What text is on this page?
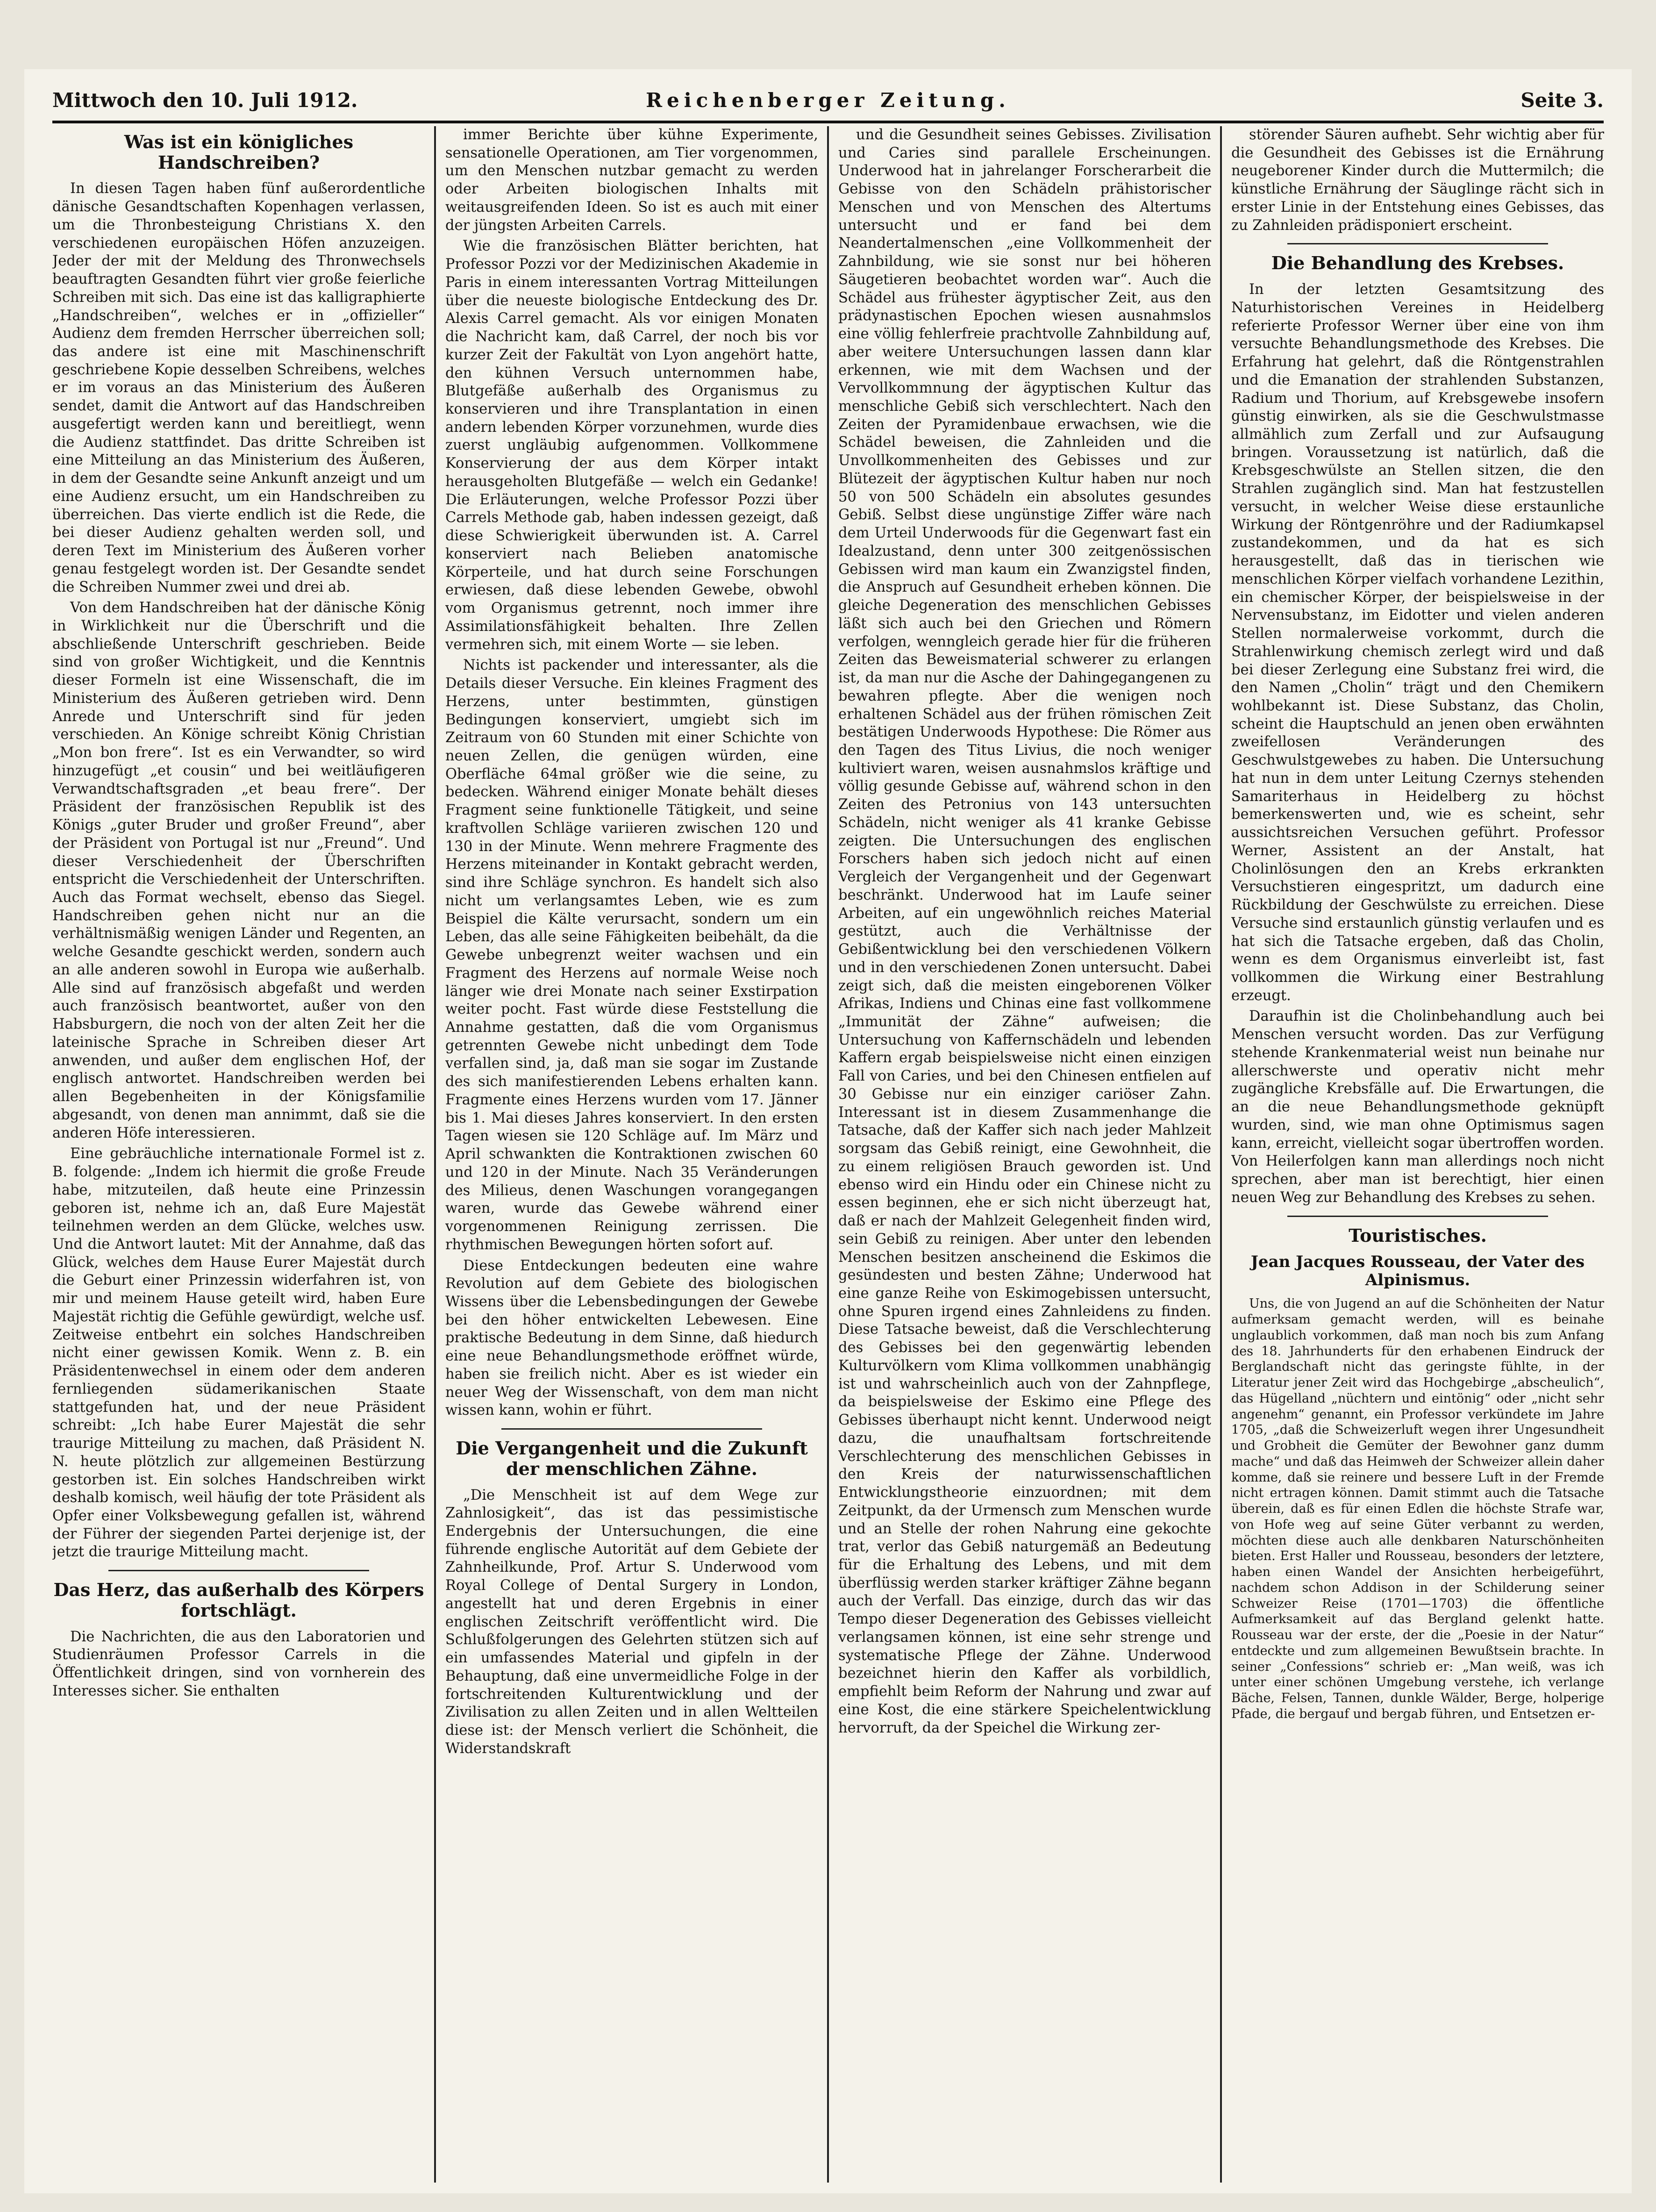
Mittwoch den 10. Juli 1912.	Reichenberger Zeitung.	Seite 3.
Was ist ein königliches Handschreiben?

In diesen Tagen haben fünf außerordentliche dänische Gesandtschaften Kopenhagen verlassen, um die Thronbesteigung Christians X. den verschiedenen europäischen Höfen anzuzeigen. Jeder der mit der Meldung des Thronwechsels beauftragten Gesandten führt vier große feierliche Schreiben mit sich. Das eine ist das kalligraphierte „Handschreiben“, welches er in „offizieller“ Audienz dem fremden Herrscher überreichen soll; das andere ist eine mit Maschinenschrift geschriebene Kopie desselben Schreibens, welches er im voraus an das Ministerium des Äußeren sendet, damit die Antwort auf das Handschreiben ausgefertigt werden kann und bereitliegt, wenn die Audienz stattfindet. Das dritte Schreiben ist eine Mitteilung an das Ministerium des Äußeren, in dem der Gesandte seine Ankunft anzeigt und um eine Audienz ersucht, um ein Handschreiben zu überreichen. Das vierte endlich ist die Rede, die bei dieser Audienz gehalten werden soll, und deren Text im Ministerium des Äußeren vorher genau festgelegt worden ist. Der Gesandte sendet die Schreiben Nummer zwei und drei ab.

Von dem Handschreiben hat der dänische König in Wirklichkeit nur die Überschrift und die abschließende Unterschrift geschrieben. Beide sind von großer Wichtigkeit, und die Kenntnis dieser Formeln ist eine Wissenschaft, die im Ministerium des Äußeren getrieben wird. Denn Anrede und Unterschrift sind für jeden verschieden. An Könige schreibt König Christian „Mon bon frere“. Ist es ein Verwandter, so wird hinzugefügt „et cousin“ und bei weitläufigeren Verwandtschaftsgraden „et beau frere“. Der Präsident der französischen Republik ist des Königs „guter Bruder und großer Freund“, aber der Präsident von Portugal ist nur „Freund“. Und dieser Verschiedenheit der Überschriften entspricht die Verschiedenheit der Unterschriften. Auch das Format wechselt, ebenso das Siegel. Handschreiben gehen nicht nur an die verhältnismäßig wenigen Länder und Regenten, an welche Gesandte geschickt werden, sondern auch an alle anderen sowohl in Europa wie außerhalb. Alle sind auf französisch abgefaßt und werden auch französisch beantwortet, außer von den Habsburgern, die noch von der alten Zeit her die lateinische Sprache in Schreiben dieser Art anwenden, und außer dem englischen Hof, der englisch antwortet. Handschreiben werden bei allen Begebenheiten in der Königsfamilie abgesandt, von denen man annimmt, daß sie die anderen Höfe interessieren.

Eine gebräuchliche internationale Formel ist z. B. folgende: „Indem ich hiermit die große Freude habe, mitzuteilen, daß heute eine Prinzessin geboren ist, nehme ich an, daß Eure Majestät teilnehmen werden an dem Glücke, welches usw. Und die Antwort lautet: Mit der Annahme, daß das Glück, welches dem Hause Eurer Majestät durch die Geburt einer Prinzessin widerfahren ist, von mir und meinem Hause geteilt wird, haben Eure Majestät richtig die Gefühle gewürdigt, welche usf. Zeitweise entbehrt ein solches Handschreiben nicht einer gewissen Komik. Wenn z. B. ein Präsidentenwechsel in einem oder dem anderen fernliegenden südamerikanischen Staate stattgefunden hat, und der neue Präsident schreibt: „Ich habe Eurer Majestät die sehr traurige Mitteilung zu machen, daß Präsident N. N. heute plötzlich zur allgemeinen Bestürzung gestorben ist. Ein solches Handschreiben wirkt deshalb komisch, weil häufig der tote Präsident als Opfer einer Volksbewegung gefallen ist, während der Führer der siegenden Partei derjenige ist, der jetzt die traurige Mitteilung macht.

Das Herz, das außerhalb des Körpers fortschlägt.

Die Nachrichten, die aus den Laboratorien und Studienräumen Professor Carrels in die Öffentlichkeit dringen, sind von vornherein des Interesses sicher. Sie enthalten

immer Berichte über kühne Experimente, sensationelle Operationen, am Tier vorgenommen, um den Menschen nutzbar gemacht zu werden oder Arbeiten biologischen Inhalts mit weitausgreifenden Ideen. So ist es auch mit einer der jüngsten Arbeiten Carrels.

Wie die französischen Blätter berichten, hat Professor Pozzi vor der Medizinischen Akademie in Paris in einem interessanten Vortrag Mitteilungen über die neueste biologische Entdeckung des Dr. Alexis Carrel gemacht. Als vor einigen Monaten die Nachricht kam, daß Carrel, der noch bis vor kurzer Zeit der Fakultät von Lyon angehört hatte, den kühnen Versuch unternommen habe, Blutgefäße außerhalb des Organismus zu konservieren und ihre Transplantation in einen andern lebenden Körper vorzunehmen, wurde dies zuerst ungläubig aufgenommen. Vollkommene Konservierung der aus dem Körper intakt herausgeholten Blutgefäße — welch ein Gedanke! Die Erläuterungen, welche Professor Pozzi über Carrels Methode gab, haben indessen gezeigt, daß diese Schwierigkeit überwunden ist. A. Carrel konserviert nach Belieben anatomische Körperteile, und hat durch seine Forschungen erwiesen, daß diese lebenden Gewebe, obwohl vom Organismus getrennt, noch immer ihre Assimilationsfähigkeit behalten. Ihre Zellen vermehren sich, mit einem Worte — sie leben.

Nichts ist packender und interessanter, als die Details dieser Versuche. Ein kleines Fragment des Herzens, unter bestimmten, günstigen Bedingungen konserviert, umgiebt sich im Zeitraum von 60 Stunden mit einer Schichte von neuen Zellen, die genügen würden, eine Oberfläche 64mal größer wie die seine, zu bedecken. Während einiger Monate behält dieses Fragment seine funktionelle Tätigkeit, und seine kraftvollen Schläge variieren zwischen 120 und 130 in der Minute. Wenn mehrere Fragmente des Herzens miteinander in Kontakt gebracht werden, sind ihre Schläge synchron. Es handelt sich also nicht um verlangsamtes Leben, wie es zum Beispiel die Kälte verursacht, sondern um ein Leben, das alle seine Fähigkeiten beibehält, da die Gewebe unbegrenzt weiter wachsen und ein Fragment des Herzens auf normale Weise noch länger wie drei Monate nach seiner Exstirpation weiter pocht. Fast würde diese Feststellung die Annahme gestatten, daß die vom Organismus getrennten Gewebe nicht unbedingt dem Tode verfallen sind, ja, daß man sie sogar im Zustande des sich manifestierenden Lebens erhalten kann. Fragmente eines Herzens wurden vom 17. Jänner bis 1. Mai dieses Jahres konserviert. In den ersten Tagen wiesen sie 120 Schläge auf. Im März und April schwankten die Kontraktionen zwischen 60 und 120 in der Minute. Nach 35 Veränderungen des Milieus, denen Waschungen vorangegangen waren, wurde das Gewebe während einer vorgenommenen Reinigung zerrissen. Die rhythmischen Bewegungen hörten sofort auf.

Diese Entdeckungen bedeuten eine wahre Revolution auf dem Gebiete des biologischen Wissens über die Lebensbedingungen der Gewebe bei den höher entwickelten Lebewesen. Eine praktische Bedeutung in dem Sinne, daß hiedurch eine neue Behandlungsmethode eröffnet würde, haben sie freilich nicht. Aber es ist wieder ein neuer Weg der Wissenschaft, von dem man nicht wissen kann, wohin er führt.

Die Vergangenheit und die Zukunft der menschlichen Zähne.

„Die Menschheit ist auf dem Wege zur Zahnlosigkeit“, das ist das pessimistische Endergebnis der Untersuchungen, die eine führende englische Autorität auf dem Gebiete der Zahnheilkunde, Prof. Artur S. Underwood vom Royal College of Dental Surgery in London, angestellt hat und deren Ergebnis in einer englischen Zeitschrift veröffentlicht wird. Die Schlußfolgerungen des Gelehrten stützen sich auf ein umfassendes Material und gipfeln in der Behauptung, daß eine unvermeidliche Folge in der fortschreitenden Kulturentwicklung und der Zivilisation zu allen Zeiten und in allen Weltteilen diese ist: der Mensch verliert die Schönheit, die Widerstandskraft

und die Gesundheit seines Gebisses. Zivilisation und Caries sind parallele Erscheinungen. Underwood hat in jahrelanger Forscherarbeit die Gebisse von den Schädeln prähistorischer Menschen und von Menschen des Altertums untersucht und er fand bei dem Neandertalmenschen „eine Vollkommenheit der Zahnbildung, wie sie sonst nur bei höheren Säugetieren beobachtet worden war“. Auch die Schädel aus frühester ägyptischer Zeit, aus den prädynastischen Epochen wiesen ausnahmslos eine völlig fehlerfreie prachtvolle Zahnbildung auf, aber weitere Untersuchungen lassen dann klar erkennen, wie mit dem Wachsen und der Vervollkommnung der ägyptischen Kultur das menschliche Gebiß sich verschlechtert. Nach den Zeiten der Pyramidenbaue erwachsen, wie die Schädel beweisen, die Zahnleiden und die Unvollkommenheiten des Gebisses und zur Blütezeit der ägyptischen Kultur haben nur noch 50 von 500 Schädeln ein absolutes gesundes Gebiß. Selbst diese ungünstige Ziffer wäre nach dem Urteil Underwoods für die Gegenwart fast ein Idealzustand, denn unter 300 zeitgenössischen Gebissen wird man kaum ein Zwanzigstel finden, die Anspruch auf Gesundheit erheben können. Die gleiche Degeneration des menschlichen Gebisses läßt sich auch bei den Griechen und Römern verfolgen, wenngleich gerade hier für die früheren Zeiten das Beweismaterial schwerer zu erlangen ist, da man nur die Asche der Dahingegangenen zu bewahren pflegte. Aber die wenigen noch erhaltenen Schädel aus der frühen römischen Zeit bestätigen Underwoods Hypothese: Die Römer aus den Tagen des Titus Livius, die noch weniger kultiviert waren, weisen ausnahmslos kräftige und völlig gesunde Gebisse auf, während schon in den Zeiten des Petronius von 143 untersuchten Schädeln, nicht weniger als 41 kranke Gebisse zeigten. Die Untersuchungen des englischen Forschers haben sich jedoch nicht auf einen Vergleich der Vergangenheit und der Gegenwart beschränkt. Underwood hat im Laufe seiner Arbeiten, auf ein ungewöhnlich reiches Material gestützt, auch die Verhältnisse der Gebißentwicklung bei den verschiedenen Völkern und in den verschiedenen Zonen untersucht. Dabei zeigt sich, daß die meisten eingeborenen Völker Afrikas, Indiens und Chinas eine fast vollkommene „Immunität der Zähne“ aufweisen; die Untersuchung von Kaffernschädeln und lebenden Kaffern ergab beispielsweise nicht einen einzigen Fall von Caries, und bei den Chinesen entfielen auf 30 Gebisse nur ein einziger cariöser Zahn. Interessant ist in diesem Zusammenhange die Tatsache, daß der Kaffer sich nach jeder Mahlzeit sorgsam das Gebiß reinigt, eine Gewohnheit, die zu einem religiösen Brauch geworden ist. Und ebenso wird ein Hindu oder ein Chinese nicht zu essen beginnen, ehe er sich nicht überzeugt hat, daß er nach der Mahlzeit Gelegenheit finden wird, sein Gebiß zu reinigen. Aber unter den lebenden Menschen besitzen anscheinend die Eskimos die gesündesten und besten Zähne; Underwood hat eine ganze Reihe von Eskimogebissen untersucht, ohne Spuren irgend eines Zahnleidens zu finden. Diese Tatsache beweist, daß die Verschlechterung des Gebisses bei den gegenwärtig lebenden Kulturvölkern vom Klima vollkommen unabhängig ist und wahrscheinlich auch von der Zahnpflege, da beispielsweise der Eskimo eine Pflege des Gebisses überhaupt nicht kennt. Underwood neigt dazu, die unaufhaltsam fortschreitende Verschlechterung des menschlichen Gebisses in den Kreis der naturwissenschaftlichen Entwicklungstheorie einzuordnen; mit dem Zeitpunkt, da der Urmensch zum Menschen wurde und an Stelle der rohen Nahrung eine gekochte trat, verlor das Gebiß naturgemäß an Bedeutung für die Erhaltung des Lebens, und mit dem überflüssig werden starker kräftiger Zähne begann auch der Verfall. Das einzige, durch das wir das Tempo dieser Degeneration des Gebisses vielleicht verlangsamen können, ist eine sehr strenge und systematische Pflege der Zähne. Underwood bezeichnet hierin den Kaffer als vorbildlich, empfiehlt beim Reform der Nahrung und zwar auf eine Kost, die eine stärkere Speichelentwicklung hervorruft, da der Speichel die Wirkung zer-

störender Säuren aufhebt. Sehr wichtig aber für die Gesundheit des Gebisses ist die Ernährung neugeborener Kinder durch die Muttermilch; die künstliche Ernährung der Säuglinge rächt sich in erster Linie in der Entstehung eines Gebisses, das zu Zahnleiden prädisponiert erscheint.

Die Behandlung des Krebses.

In der letzten Gesamtsitzung des Naturhistorischen Vereines in Heidelberg referierte Professor Werner über eine von ihm versuchte Behandlungsmethode des Krebses. Die Erfahrung hat gelehrt, daß die Röntgenstrahlen und die Emanation der strahlenden Substanzen, Radium und Thorium, auf Krebsgewebe insofern günstig einwirken, als sie die Geschwulstmasse allmählich zum Zerfall und zur Aufsaugung bringen. Voraussetzung ist natürlich, daß die Krebsgeschwülste an Stellen sitzen, die den Strahlen zugänglich sind. Man hat festzustellen versucht, in welcher Weise diese erstaunliche Wirkung der Röntgenröhre und der Radiumkapsel zustandekommen, und da hat es sich herausgestellt, daß das in tierischen wie menschlichen Körper vielfach vorhandene Lezithin, ein chemischer Körper, der beispielsweise in der Nervensubstanz, im Eidotter und vielen anderen Stellen normalerweise vorkommt, durch die Strahlenwirkung chemisch zerlegt wird und daß bei dieser Zerlegung eine Substanz frei wird, die den Namen „Cholin“ trägt und den Chemikern wohlbekannt ist. Diese Substanz, das Cholin, scheint die Hauptschuld an jenen oben erwähnten zweifellosen Veränderungen des Geschwulstgewebes zu haben. Die Untersuchung hat nun in dem unter Leitung Czernys stehenden Samariterhaus in Heidelberg zu höchst bemerkenswerten und, wie es scheint, sehr aussichtsreichen Versuchen geführt. Professor Werner, Assistent an der Anstalt, hat Cholinlösungen den an Krebs erkrankten Versuchstieren eingespritzt, um dadurch eine Rückbildung der Geschwülste zu erreichen. Diese Versuche sind erstaunlich günstig verlaufen und es hat sich die Tatsache ergeben, daß das Cholin, wenn es dem Organismus einverleibt ist, fast vollkommen die Wirkung einer Bestrahlung erzeugt.

Daraufhin ist die Cholinbehandlung auch bei Menschen versucht worden. Das zur Verfügung stehende Krankenmaterial weist nun beinahe nur allerschwerste und operativ nicht mehr zugängliche Krebsfälle auf. Die Erwartungen, die an die neue Behandlungsmethode geknüpft wurden, sind, wie man ohne Optimismus sagen kann, erreicht, vielleicht sogar übertroffen worden. Von Heilerfolgen kann man allerdings noch nicht sprechen, aber man ist berechtigt, hier einen neuen Weg zur Behandlung des Krebses zu sehen.

Touristisches.
Jean Jacques Rousseau, der Vater des Alpinismus.

Uns, die von Jugend an auf die Schönheiten der Natur aufmerksam gemacht werden, will es beinahe unglaublich vorkommen, daß man noch bis zum Anfang des 18. Jahrhunderts für den erhabenen Eindruck der Berglandschaft nicht das geringste fühlte, in der Literatur jener Zeit wird das Hochgebirge „abscheulich“, das Hügelland „nüchtern und eintönig“ oder „nicht sehr angenehm“ genannt, ein Professor verkündete im Jahre 1705, „daß die Schweizerluft wegen ihrer Ungesundheit und Grobheit die Gemüter der Bewohner ganz dumm mache“ und daß das Heimweh der Schweizer allein daher komme, daß sie reinere und bessere Luft in der Fremde nicht ertragen können. Damit stimmt auch die Tatsache überein, daß es für einen Edlen die höchste Strafe war, von Hofe weg auf seine Güter verbannt zu werden, möchten diese auch alle denkbaren Naturschönheiten bieten. Erst Haller und Rousseau, besonders der letztere, haben einen Wandel der Ansichten herbeigeführt, nachdem schon Addison in der Schilderung seiner Schweizer Reise (1701—1703) die öffentliche Aufmerksamkeit auf das Bergland gelenkt hatte. Rousseau war der erste, der die „Poesie in der Natur“ entdeckte und zum allgemeinen Bewußtsein brachte. In seiner „Confessions“ schrieb er: „Man weiß, was ich unter einer schönen Umgebung verstehe, ich verlange Bäche, Felsen, Tannen, dunkle Wälder, Berge, holperige Pfade, die bergauf und bergab führen, und Entsetzen er-
